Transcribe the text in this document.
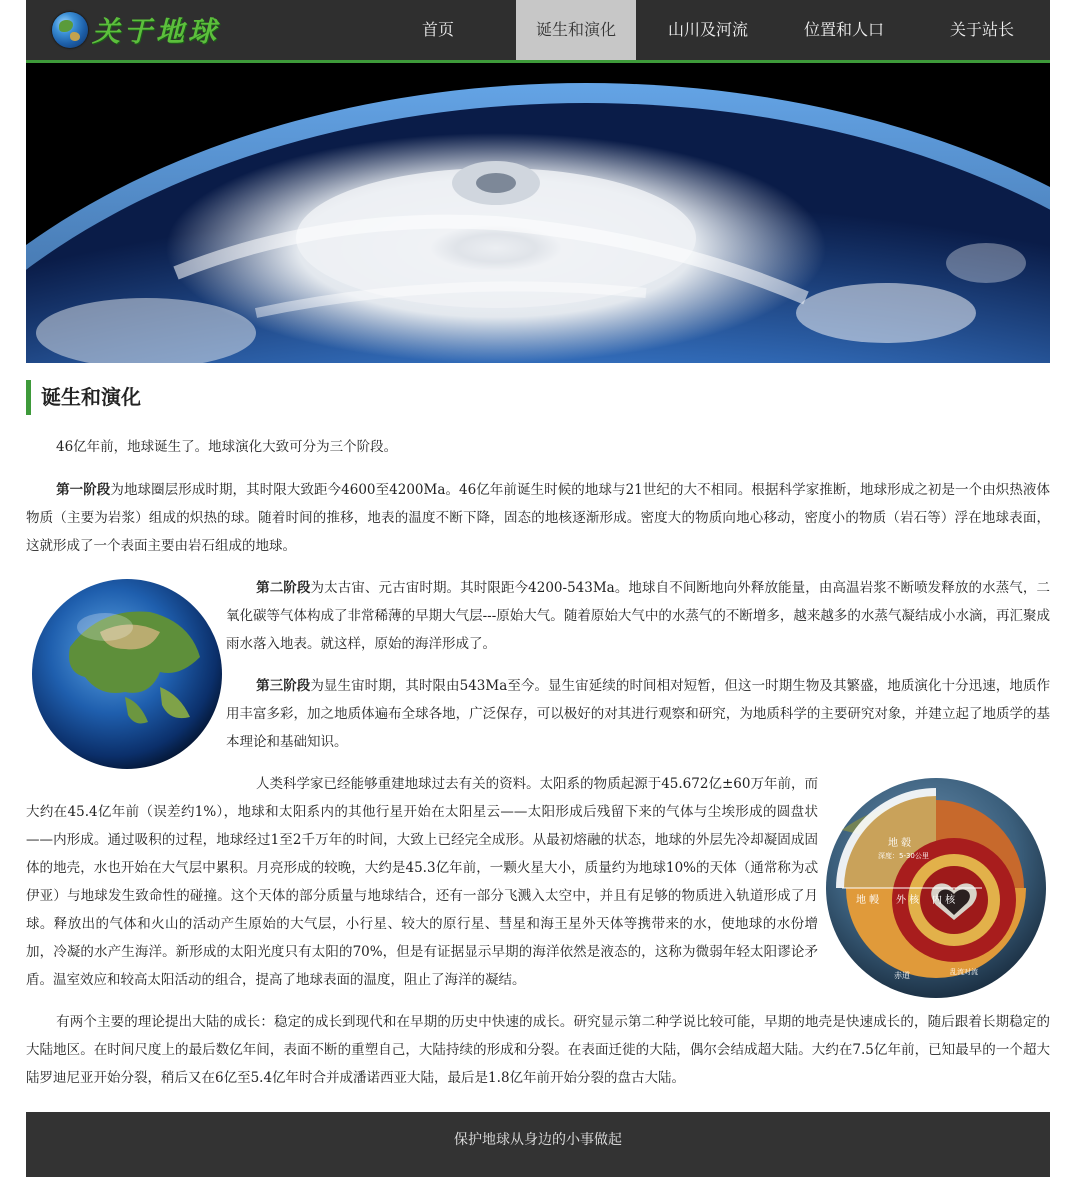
关于地球	首页	诞生和演化	山川及河流	位置和人口	关于站长
诞生和演化

46亿年前，地球诞生了。地球演化大致可分为三个阶段。

第一阶段为地球圈层形成时期，其时限大致距今4600至4200Ma。46亿年前诞生时候的地球与21世纪的大不相同。根据科学家推断，地球形成之初是一个由炽热液体物质（主要为岩浆）组成的炽热的球。随着时间的推移，地表的温度不断下降，固态的地核逐渐形成。密度大的物质向地心移动，密度小的物质（岩石等）浮在地球表面，这就形成了一个表面主要由岩石组成的地球。

第二阶段为太古宙、元古宙时期。其时限距今4200-543Ma。地球自不间断地向外释放能量，由高温岩浆不断喷发释放的水蒸气，二氧化碳等气体构成了非常稀薄的早期大气层---原始大气。随着原始大气中的水蒸气的不断增多，越来越多的水蒸气凝结成小水滴，再汇聚成雨水落入地表。就这样，原始的海洋形成了。

第三阶段为显生宙时期，其时限由543Ma至今。显生宙延续的时间相对短暂，但这一时期生物及其繁盛，地质演化十分迅速，地质作用丰富多彩，加之地质体遍布全球各地，广泛保存，可以极好的对其进行观察和研究，为地质科学的主要研究对象，并建立起了地质学的基本理论和基础知识。

地 毂
深度：5-30公里
地 幔 外 核 内 核
赤道	乱流对流

人类科学家已经能够重建地球过去有关的资料。太阳系的物质起源于45.672亿±60万年前，而大约在45.4亿年前（误差约1%），地球和太阳系内的其他行星开始在太阳星云——太阳形成后残留下来的气体与尘埃形成的圆盘状——内形成。通过吸积的过程，地球经过1至2千万年的时间，大致上已经完全成形。从最初熔融的状态，地球的外层先冷却凝固成固体的地壳，水也开始在大气层中累积。月亮形成的较晚，大约是45.3亿年前，一颗火星大小，质量约为地球10%的天体（通常称为忒伊亚）与地球发生致命性的碰撞。这个天体的部分质量与地球结合，还有一部分飞溅入太空中，并且有足够的物质进入轨道形成了月球。释放出的气体和火山的活动产生原始的大气层，小行星、较大的原行星、彗星和海王星外天体等携带来的水，使地球的水份增加，冷凝的水产生海洋。新形成的太阳光度只有太阳的70%，但是有证据显示早期的海洋依然是液态的，这称为微弱年轻太阳谬论矛盾。温室效应和较高太阳活动的组合，提高了地球表面的温度，阻止了海洋的凝结。

有两个主要的理论提出大陆的成长：稳定的成长到现代和在早期的历史中快速的成长。研究显示第二种学说比较可能，早期的地壳是快速成长的，随后跟着长期稳定的大陆地区。在时间尺度上的最后数亿年间，表面不断的重塑自己，大陆持续的形成和分裂。在表面迁徙的大陆，偶尔会结成超大陆。大约在7.5亿年前，已知最早的一个超大陆罗迪尼亚开始分裂，稍后又在6亿至5.4亿年时合并成潘诺西亚大陆，最后是1.8亿年前开始分裂的盘古大陆。

保护地球从身边的小事做起
